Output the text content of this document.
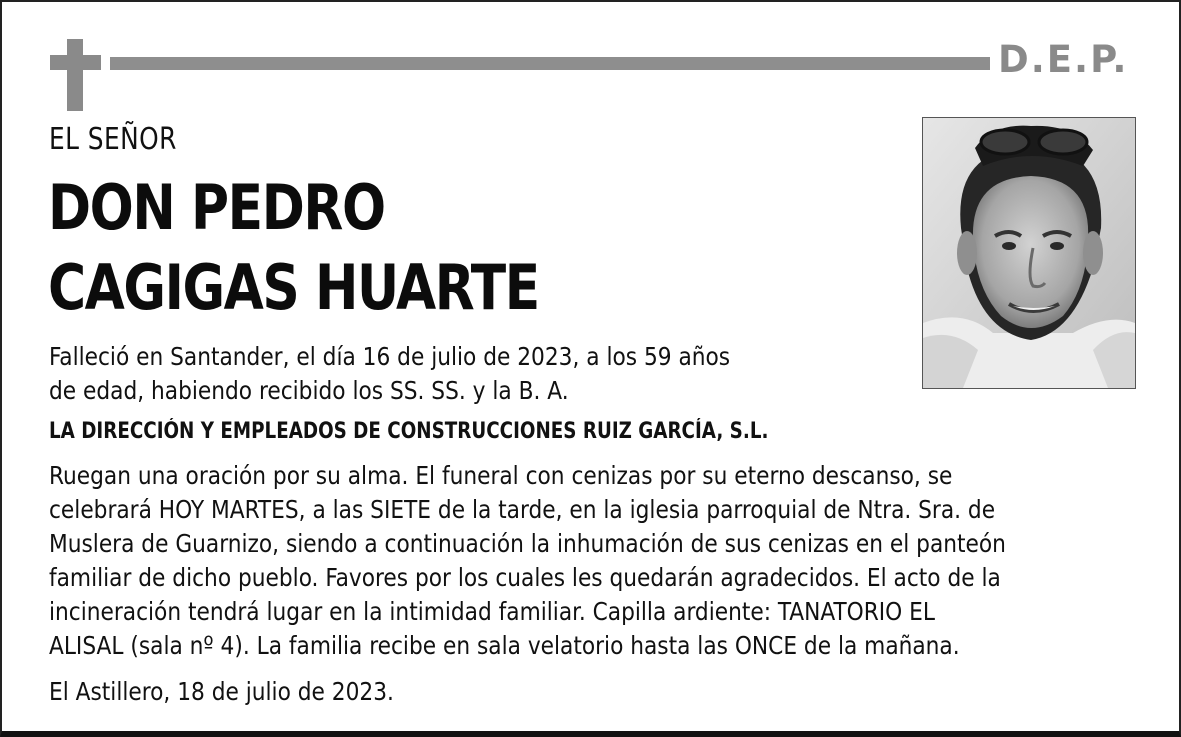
D.E.P.
EL SEÑOR
DON PEDRO
CAGIGAS HUARTE
Falleció en Santander, el día 16 de julio de 2023, a los 59 años
de edad, habiendo recibido los SS. SS. y la B. A.
LA DIRECCIÓN Y EMPLEADOS DE CONSTRUCCIONES RUIZ GARCÍA, S.L.
Ruegan una oración por su alma. El funeral con cenizas por su eterno descanso, se
celebrará HOY MARTES, a las SIETE de la tarde, en la iglesia parroquial de Ntra. Sra. de
Muslera de Guarnizo, siendo a continuación la inhumación de sus cenizas en el panteón
familiar de dicho pueblo. Favores por los cuales les quedarán agradecidos. El acto de la
incineración tendrá lugar en la intimidad familiar. Capilla ardiente: TANATORIO EL
ALISAL (sala nº 4). La familia recibe en sala velatorio hasta las ONCE de la mañana.
El Astillero, 18 de julio de 2023.
